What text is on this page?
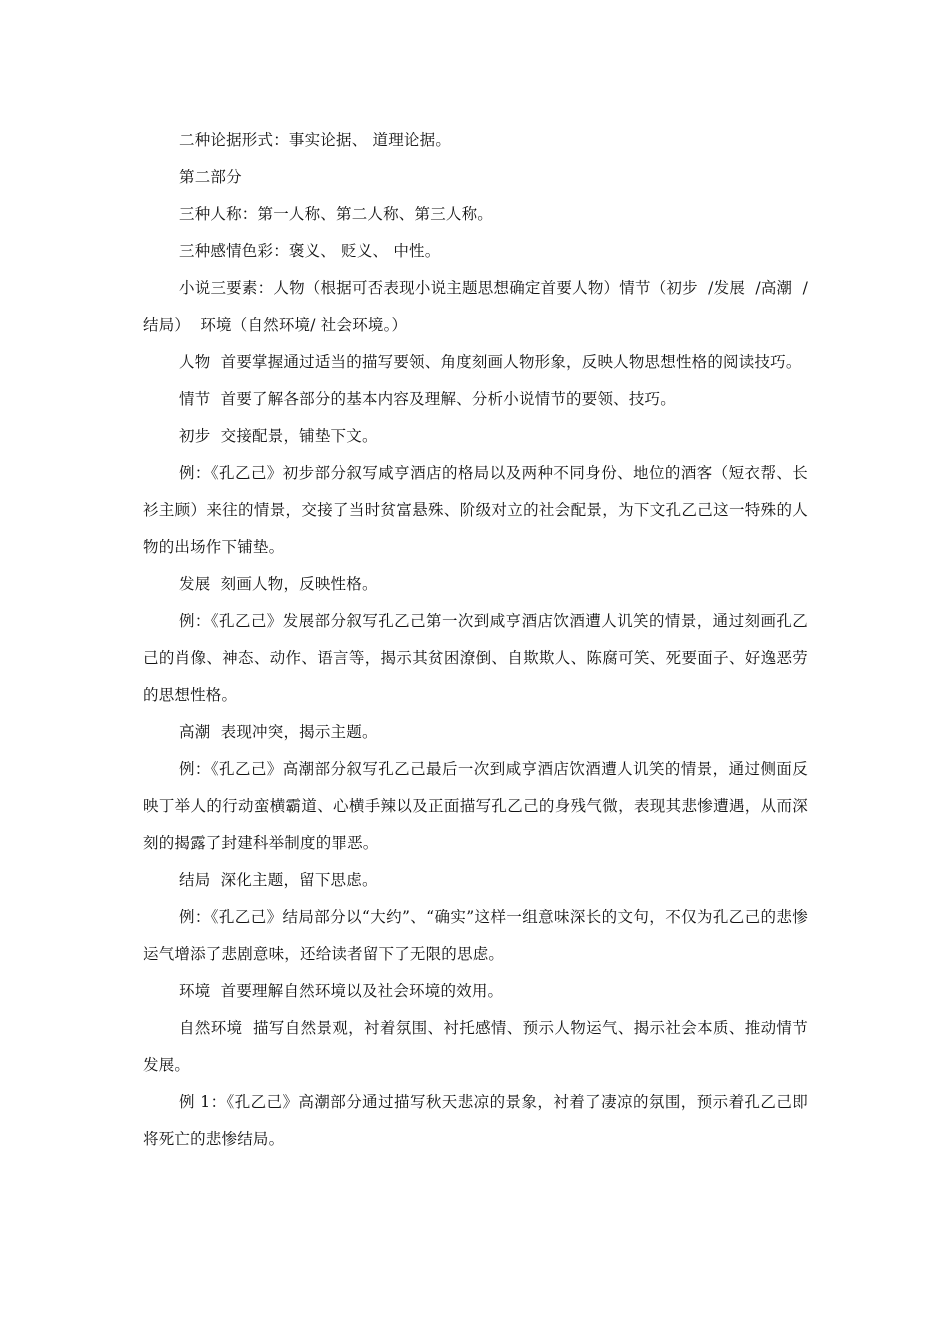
二种论据形式：事实论据、 道理论据。

第二部分

三种人称：第一人称、第二人称、第三人称。

三种感情色彩：褒义、 贬义、 中性。

小说三要素：人物（根据可否表现小说主题思想确定首要人物）情节（初步  /发展  /高潮  /结局）  环境（自然环境/ 社会环境。）

人物  首要掌握通过适当的描写要领、角度刻画人物形象，反映人物思想性格的阅读技巧。

情节  首要了解各部分的基本内容及理解、分析小说情节的要领、技巧。

初步  交接配景，铺垫下文。

例：《孔乙己》初步部分叙写咸亨酒店的格局以及两种不同身份、地位的酒客（短衣帮、长衫主顾）来往的情景，交接了当时贫富悬殊、阶级对立的社会配景，为下文孔乙己这一特殊的人物的出场作下铺垫。

发展  刻画人物，反映性格。

例：《孔乙己》发展部分叙写孔乙己第一次到咸亨酒店饮酒遭人讥笑的情景，通过刻画孔乙己的肖像、神态、动作、语言等，揭示其贫困潦倒、自欺欺人、陈腐可笑、死要面子、好逸恶劳的思想性格。

高潮  表现冲突，揭示主题。

例：《孔乙己》高潮部分叙写孔乙己最后一次到咸亨酒店饮酒遭人讥笑的情景，通过侧面反映丁举人的行动蛮横霸道、心横手辣以及正面描写孔乙己的身残气微，表现其悲惨遭遇，从而深刻的揭露了封建科举制度的罪恶。

结局  深化主题，留下思虑。

例：《孔乙己》结局部分以“大约”、“确实”这样一组意味深长的文句，不仅为孔乙己的悲惨运气增添了悲剧意味，还给读者留下了无限的思虑。

环境  首要理解自然环境以及社会环境的效用。

自然环境  描写自然景观，衬着氛围、衬托感情、预示人物运气、揭示社会本质、推动情节发展。

例 1：《孔乙己》高潮部分通过描写秋天悲凉的景象，衬着了凄凉的氛围，预示着孔乙己即将死亡的悲惨结局。
